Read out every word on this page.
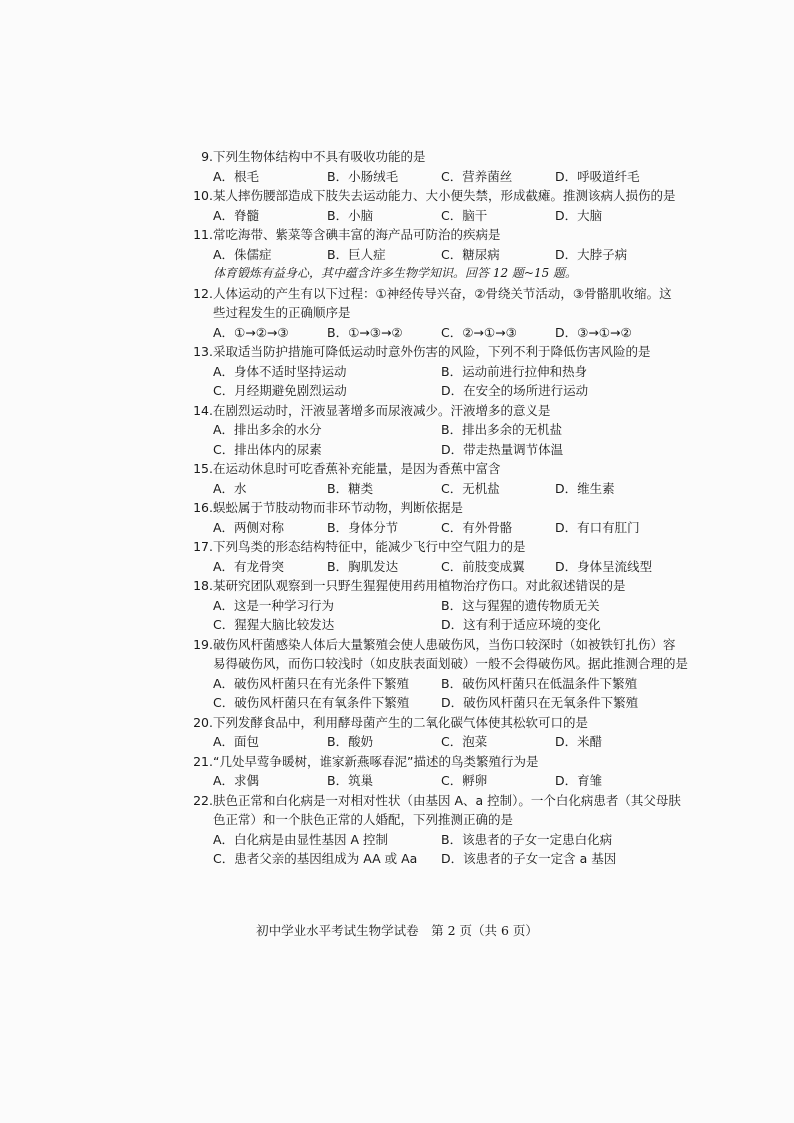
9. 下列生物体结构中不具有吸收功能的是
A．根毛	B．小肠绒毛	C．营养菌丝	D．呼吸道纤毛
10. 某人摔伤腰部造成下肢失去运动能力、大小便失禁，形成截瘫。推测该病人损伤的是
A．脊髓	B．小脑	C．脑干	D．大脑
11. 常吃海带、紫菜等含碘丰富的海产品可防治的疾病是
A．侏儒症	B．巨人症	C．糖尿病	D．大脖子病

体育锻炼有益身心，其中蕴含许多生物学知识。回答 12 题~15 题。

12. 人体运动的产生有以下过程：①神经传导兴奋，②骨绕关节活动，③骨骼肌收缩。这
些过程发生的正确顺序是
A．①→②→③	B．①→③→②	C．②→①→③	D．③→①→②
13. 采取适当防护措施可降低运动时意外伤害的风险，下列不利于降低伤害风险的是
A．身体不适时坚持运动	B．运动前进行拉伸和热身
C．月经期避免剧烈运动	D．在安全的场所进行运动
14. 在剧烈运动时，汗液显著增多而尿液减少。汗液增多的意义是
A．排出多余的水分	B．排出多余的无机盐
C．排出体内的尿素	D．带走热量调节体温
15. 在运动休息时可吃香蕉补充能量，是因为香蕉中富含
A．水	B．糖类	C．无机盐	D．维生素
16. 蜈蚣属于节肢动物而非环节动物，判断依据是
A．两侧对称	B．身体分节	C．有外骨骼	D．有口有肛门
17. 下列鸟类的形态结构特征中，能减少飞行中空气阻力的是
A．有龙骨突	B．胸肌发达	C．前肢变成翼	D．身体呈流线型
18. 某研究团队观察到一只野生猩猩使用药用植物治疗伤口。对此叙述错误的是
A．这是一种学习行为	B．这与猩猩的遗传物质无关
C．猩猩大脑比较发达	D．这有利于适应环境的变化
19. 破伤风杆菌感染人体后大量繁殖会使人患破伤风，当伤口较深时（如被铁钉扎伤）容
易得破伤风，而伤口较浅时（如皮肤表面划破）一般不会得破伤风。据此推测合理的是
A．破伤风杆菌只在有光条件下繁殖	B．破伤风杆菌只在低温条件下繁殖
C．破伤风杆菌只在有氧条件下繁殖	D．破伤风杆菌只在无氧条件下繁殖
20. 下列发酵食品中，利用酵母菌产生的二氧化碳气体使其松软可口的是
A．面包	B．酸奶	C．泡菜	D．米醋
21. “几处早莺争暖树，谁家新燕啄春泥”描述的鸟类繁殖行为是
A．求偶	B．筑巢	C．孵卵	D．育雏
22. 肤色正常和白化病是一对相对性状（由基因 A、a 控制）。一个白化病患者（其父母肤
色正常）和一个肤色正常的人婚配，下列推测正确的是
A．白化病是由显性基因 A 控制	B．该患者的子女一定患白化病
C．患者父亲的基因组成为 AA 或 Aa	D．该患者的子女一定含 a 基因
初中学业水平考试生物学试卷　第 2 页（共 6 页）
